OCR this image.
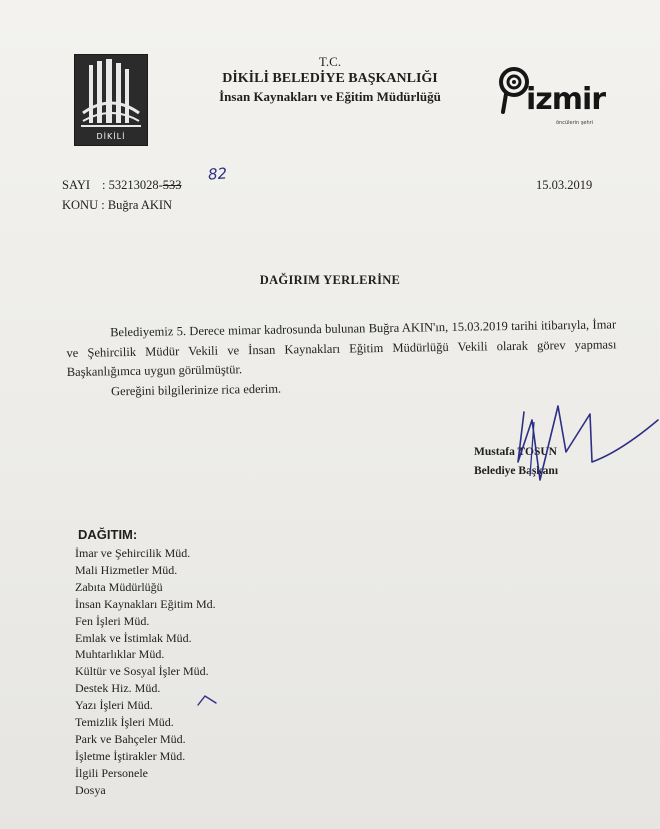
DİKİLİ
T.C.
DİKİLİ BELEDİYE BAŞKANLIĞI
İnsan Kaynakları ve Eğitim Müdürlüğü	izmir
öncülerin şehri
SAYI : 53213028-533
82
15.03.2019
KONU : Buğra AKIN
DAĞIRIM YERLERİNE

Belediyemiz 5. Derece mimar kadrosunda bulunan Buğra AKIN'ın, 15.03.2019 tarihi itibarıyla, İmar ve Şehircilik Müdür Vekili ve İnsan Kaynakları Eğitim Müdürlüğü Vekili olarak görev yapması Başkanlığımca uygun görülmüştür.

Gereğini bilgilerinize rica ederim.

Mustafa TOSUN
Belediye Başkanı
DAĞITIM:
İmar ve Şehircilik Müd.
Mali Hizmetler Müd.
Zabıta Müdürlüğü
İnsan Kaynakları Eğitim Md.
Fen İşleri Müd.
Emlak ve İstimlak Müd.
Muhtarlıklar Müd.
Kültür ve Sosyal İşler Müd.
Destek Hiz. Müd.
Yazı İşleri Müd.
Temizlik İşleri Müd.
Park ve Bahçeler Müd.
İşletme İştirakler Müd.
İlgili Personele
Dosya
